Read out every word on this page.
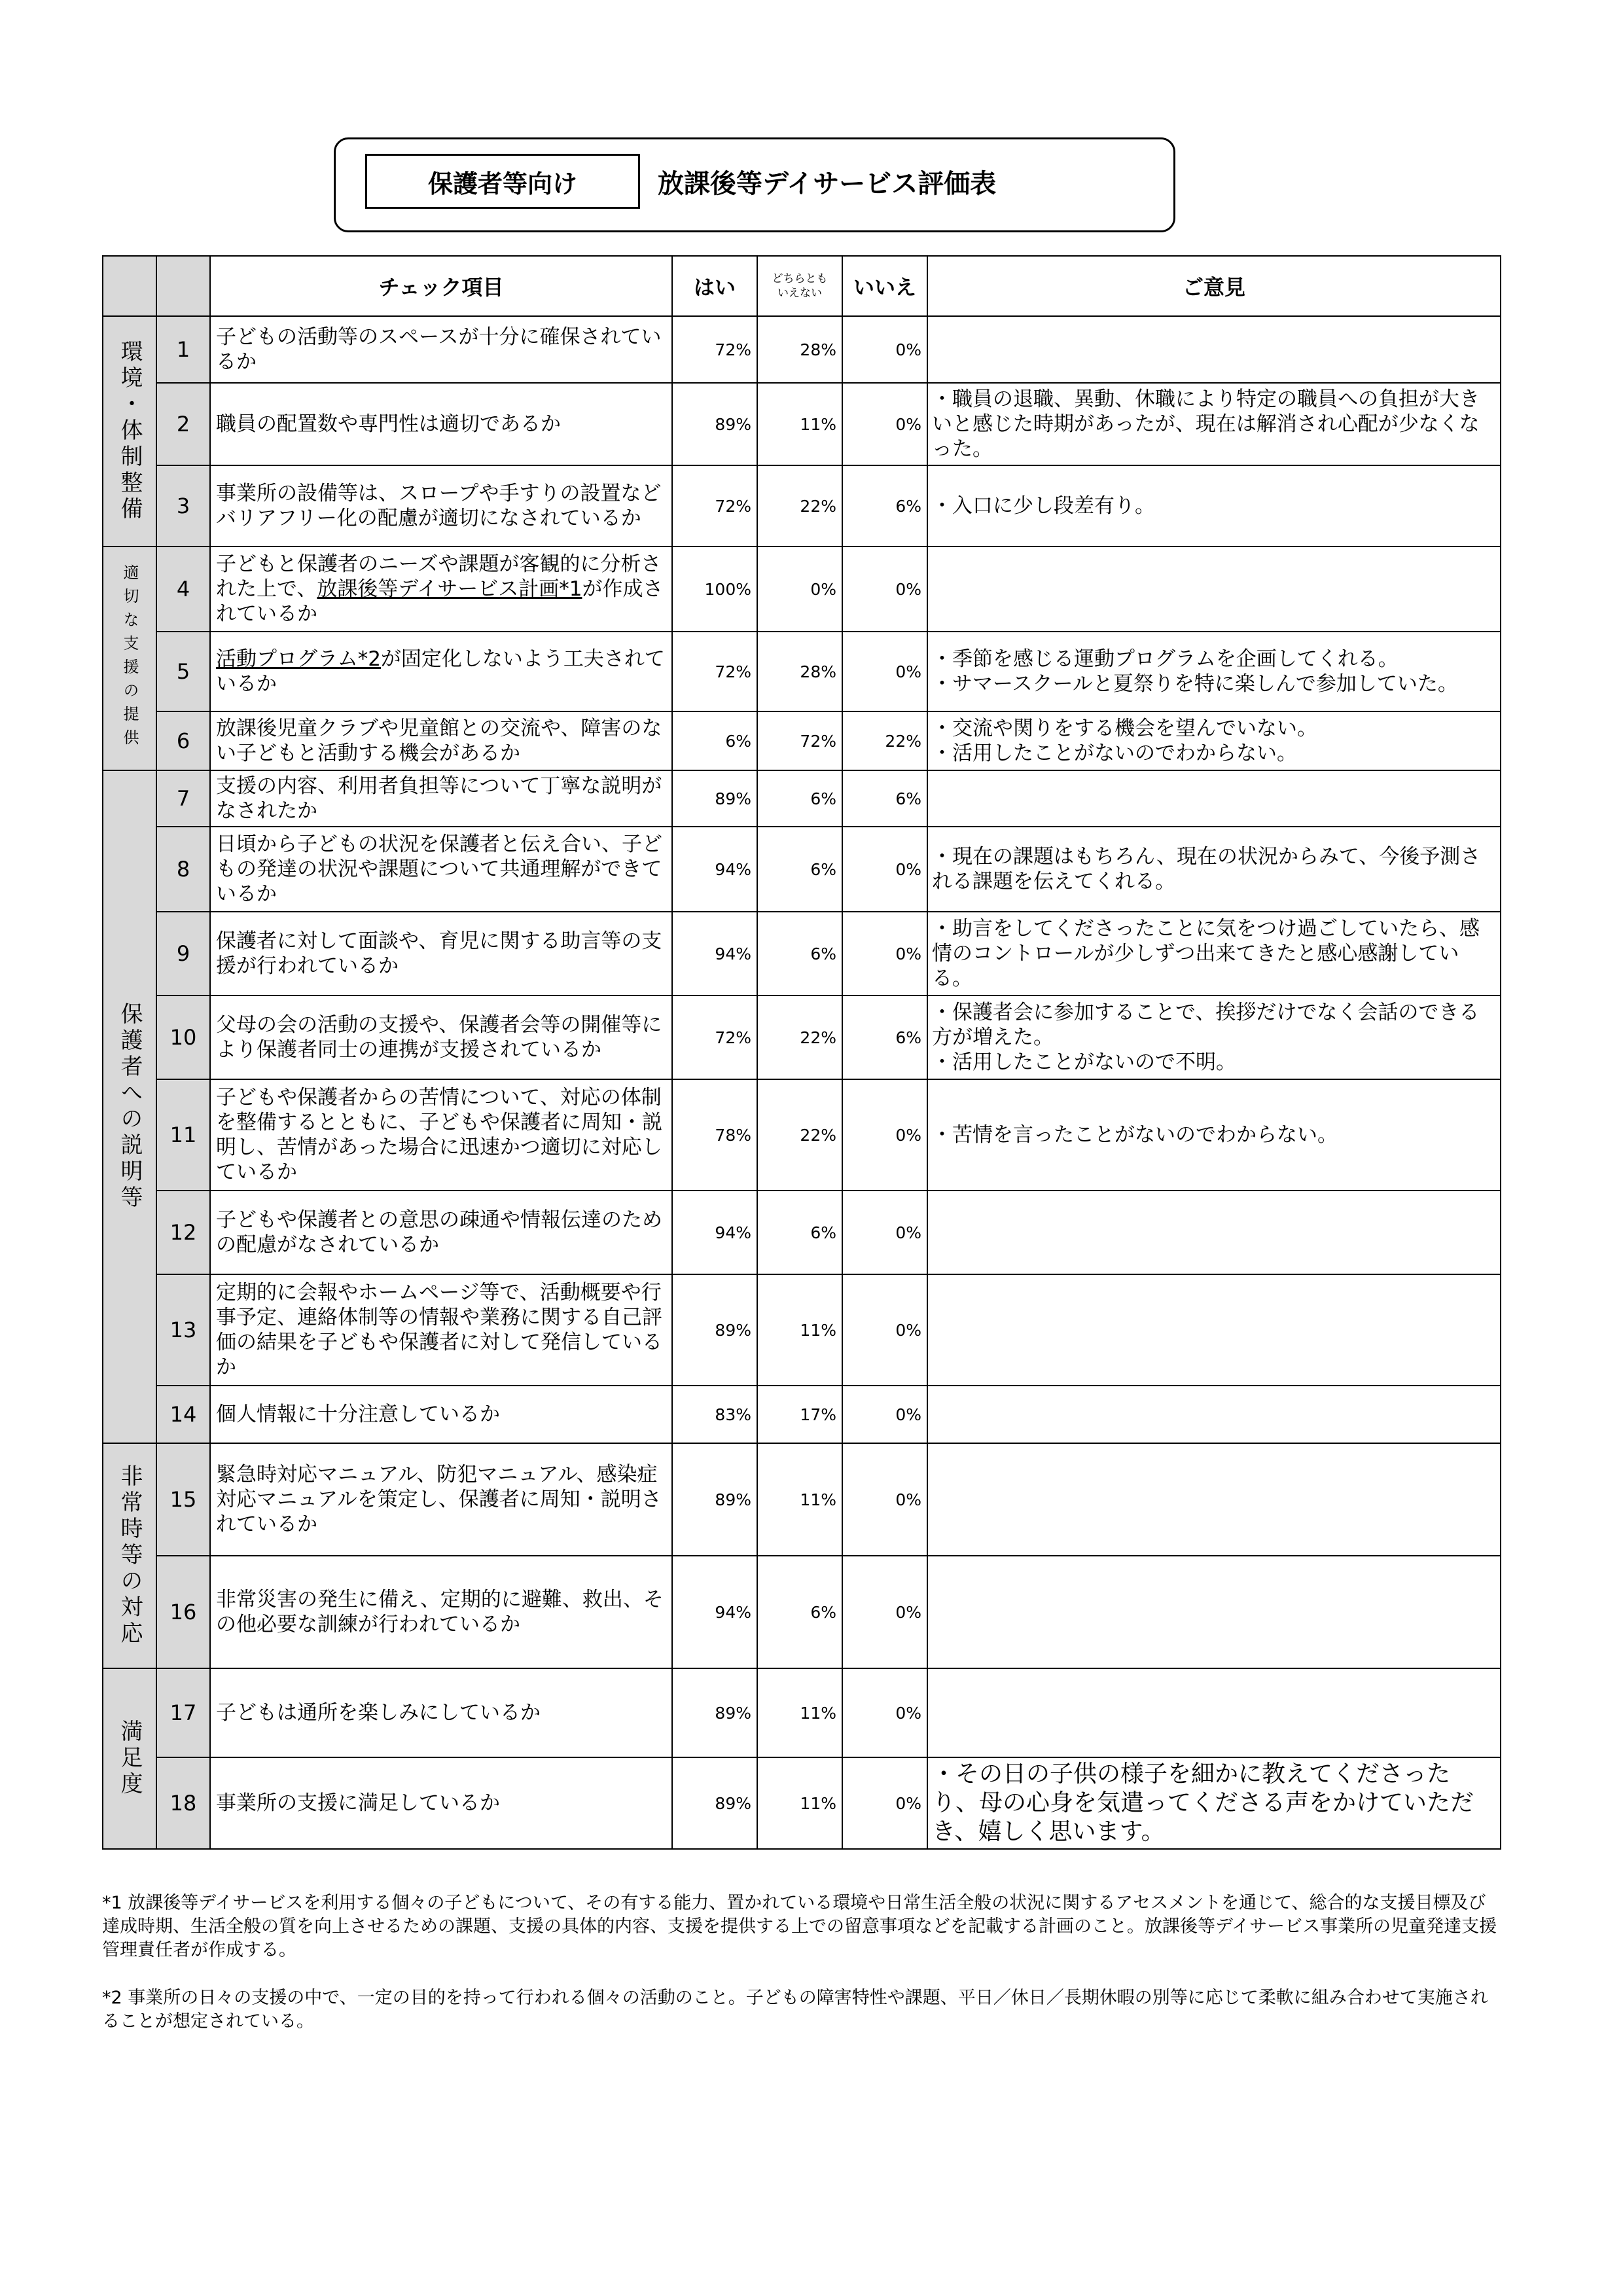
保護者等向け	放課後等デイサービス評価表
		チェック項目	はい	どちらとも
いえない	いいえ	ご意見
環境・体制整備	1	子どもの活動等のスペースが十分に確保されているか	72%	28%	0%	
	2	職員の配置数や専門性は適切であるか	89%	11%	0%	・職員の退職、異動、休職により特定の職員への負担が大きいと感じた時期があったが、現在は解消され心配が少なくなった。
	3	事業所の設備等は、スロープや手すりの設置などバリアフリー化の配慮が適切になされているか	72%	22%	6%	・入口に少し段差有り。
適切な支援の提供	4	子どもと保護者のニーズや課題が客観的に分析された上で、放課後等デイサービス計画*1が作成されているか	100%	0%	0%	
	5	活動プログラム*2が固定化しないよう工夫されているか	72%	28%	0%	・季節を感じる運動プログラムを企画してくれる。
・サマースクールと夏祭りを特に楽しんで参加していた。

	6	放課後児童クラブや児童館との交流や、障害のない子どもと活動する機会があるか	6%	72%	22%	・交流や関りをする機会を望んでいない。
・活用したことがないのでわからない。

保護者への説明等	7	支援の内容、利用者負担等について丁寧な説明がなされたか	89%	6%	6%	
	8	日頃から子どもの状況を保護者と伝え合い、子どもの発達の状況や課題について共通理解ができているか	94%	6%	0%	・現在の課題はもちろん、現在の状況からみて、今後予測される課題を伝えてくれる。
	9	保護者に対して面談や、育児に関する助言等の支援が行われているか	94%	6%	0%	・助言をしてくださったことに気をつけ過ごしていたら、感情のコントロールが少しずつ出来てきたと感心感謝している。
	10	父母の会の活動の支援や、保護者会等の開催等により保護者同士の連携が支援されているか	72%	22%	6%	・保護者会に参加することで、挨拶だけでなく会話のできる方が増えた。
・活用したことがないので不明。

	11	子どもや保護者からの苦情について、対応の体制を整備するとともに、子どもや保護者に周知・説明し、苦情があった場合に迅速かつ適切に対応しているか	78%	22%	0%	・苦情を言ったことがないのでわからない。
	12	子どもや保護者との意思の疎通や情報伝達のための配慮がなされているか	94%	6%	0%	
	13	定期的に会報やホームページ等で、活動概要や行事予定、連絡体制等の情報や業務に関する自己評価の結果を子どもや保護者に対して発信しているか	89%	11%	0%	
	14	個人情報に十分注意しているか	83%	17%	0%	
非常時等の対応	15	緊急時対応マニュアル、防犯マニュアル、感染症対応マニュアルを策定し、保護者に周知・説明されているか	89%	11%	0%	
	16	非常災害の発生に備え、定期的に避難、救出、その他必要な訓練が行われているか	94%	6%	0%	
満足度	17	子どもは通所を楽しみにしているか	89%	11%	0%	
	18	事業所の支援に満足しているか	89%	11%	0%	・その日の子供の様子を細かに教えてくださったり、母の心身を気遣ってくださる声をかけていただき、嬉しく思います。
*1 放課後等デイサービスを利用する個々の子どもについて、その有する能力、置かれている環境や日常生活全般の状況に関するアセスメントを通じて、総合的な支援目標及び達成時期、生活全般の質を向上させるための課題、支援の具体的内容、支援を提供する上での留意事項などを記載する計画のこと。放課後等デイサービス事業所の児童発達支援管理責任者が作成する。
*2 事業所の日々の支援の中で、一定の目的を持って行われる個々の活動のこと。子どもの障害特性や課題、平日／休日／長期休暇の別等に応じて柔軟に組み合わせて実施されることが想定されている。
